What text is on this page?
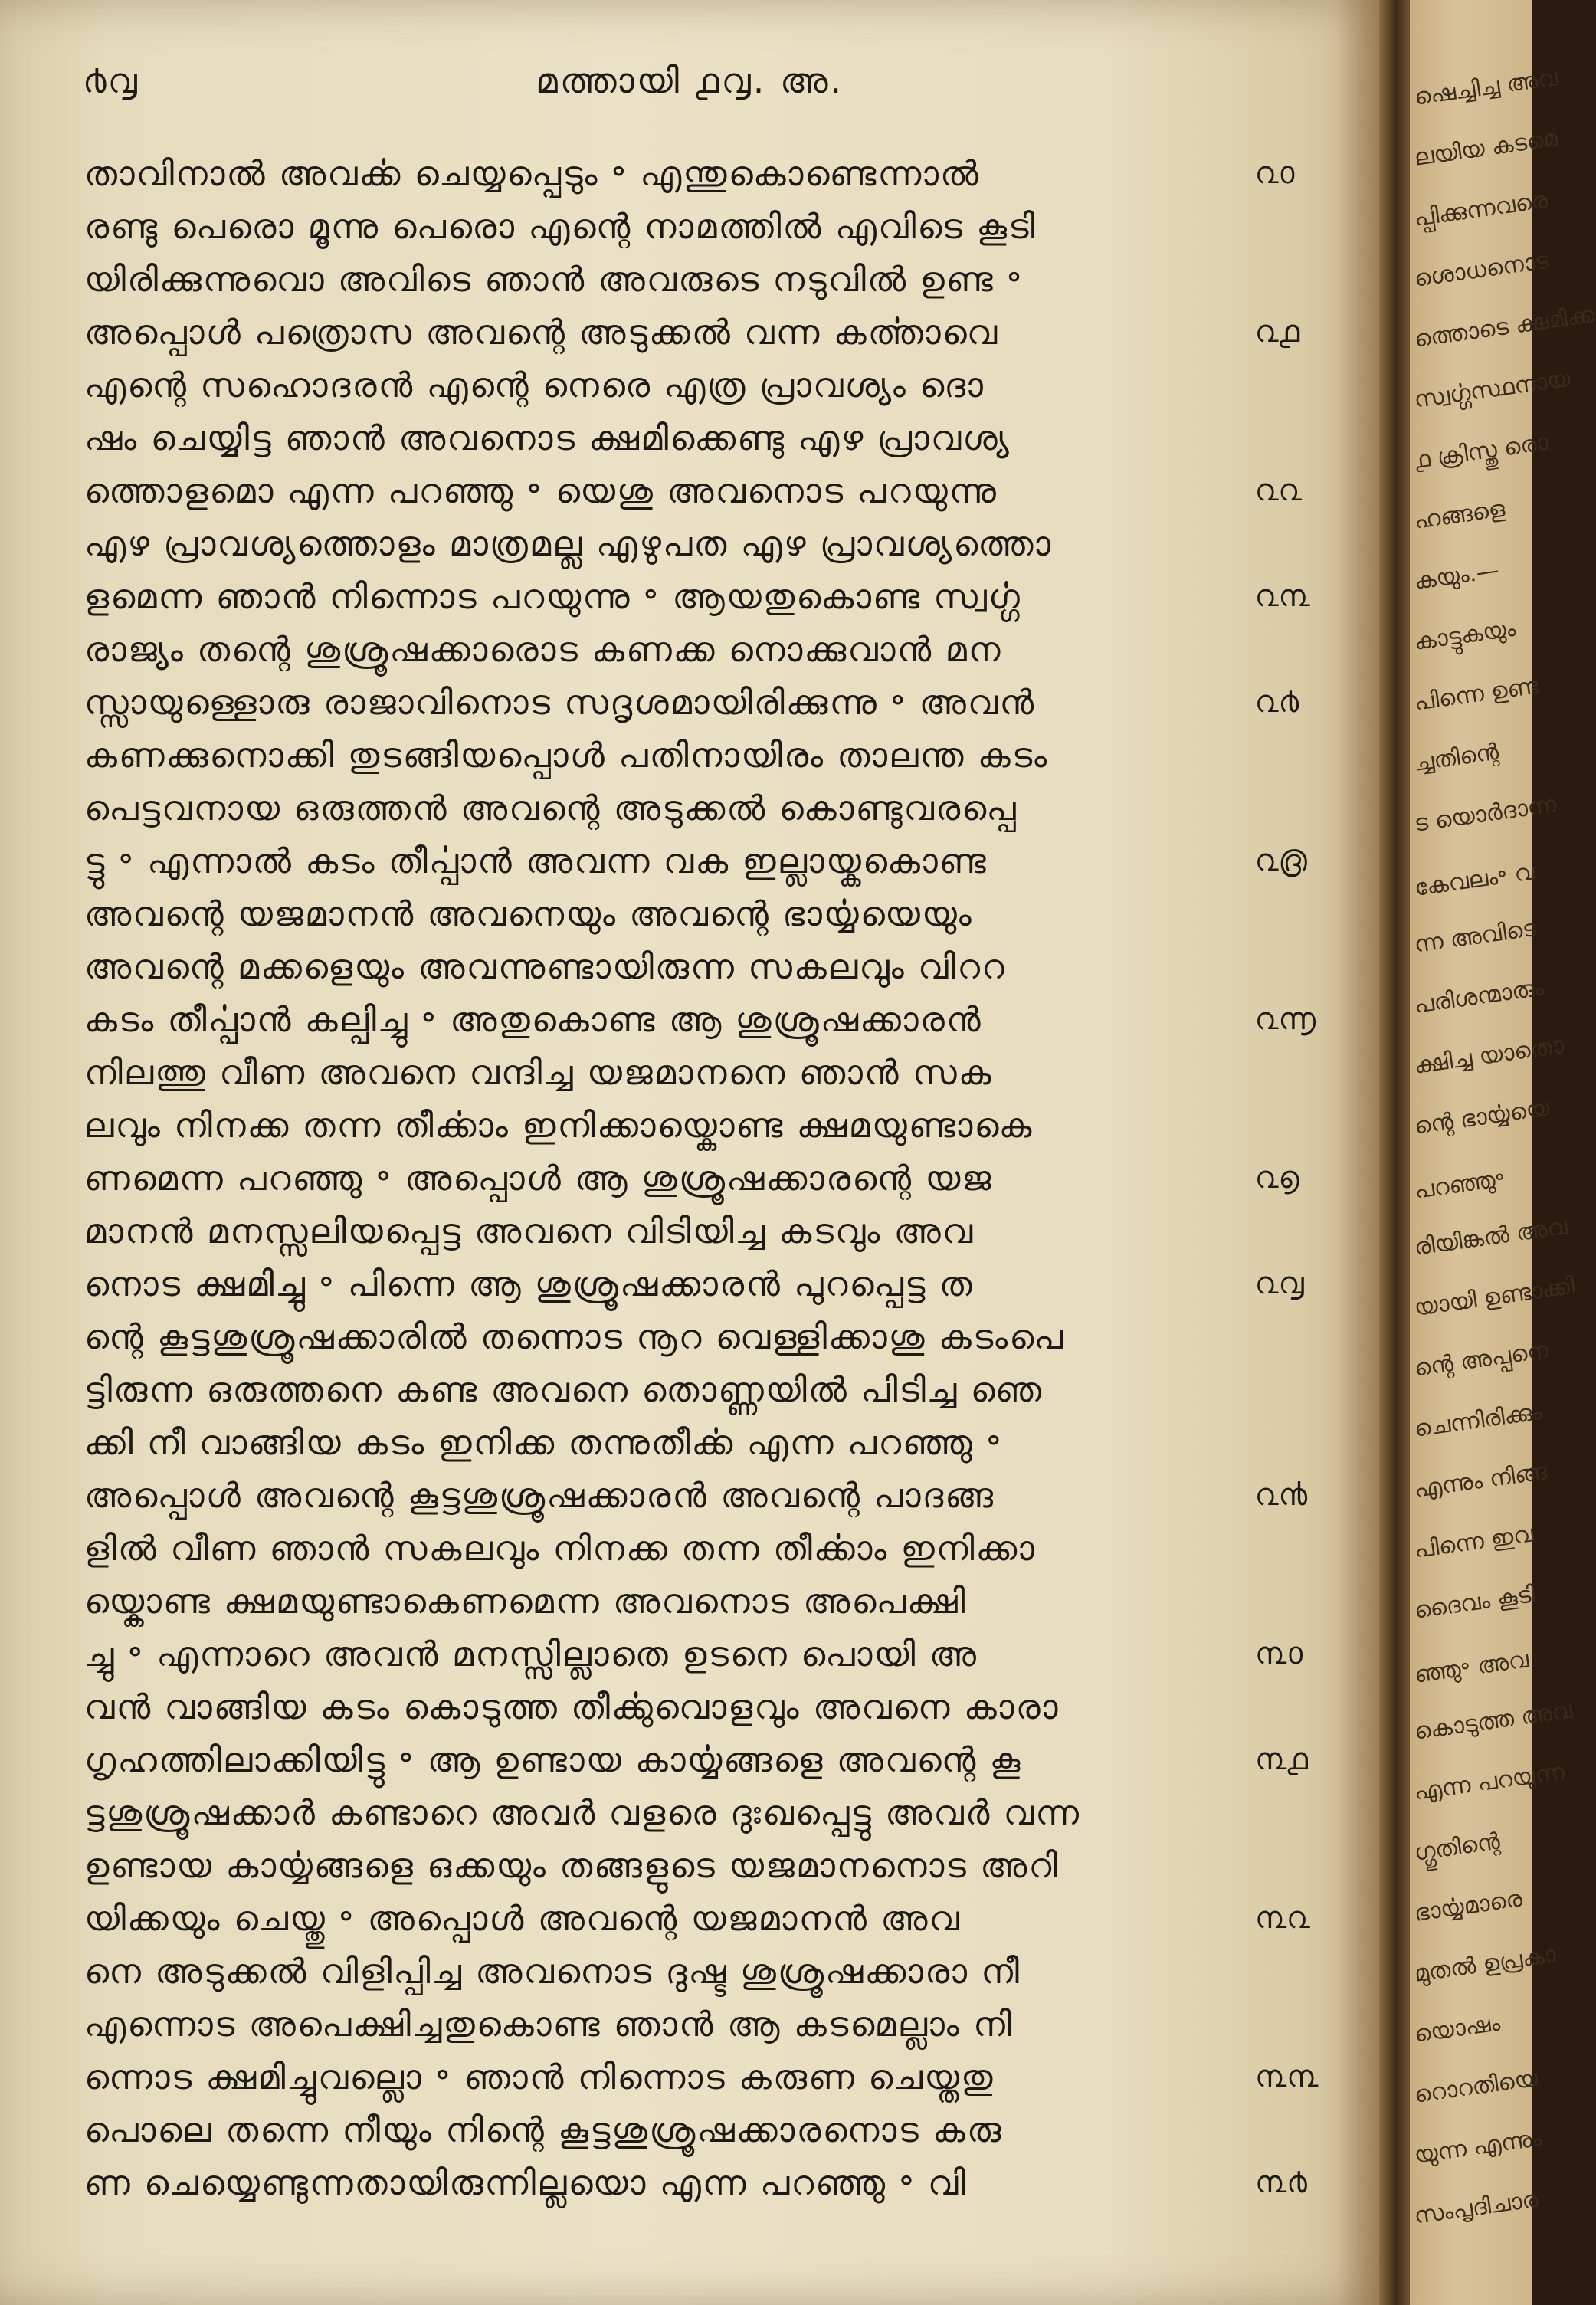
൪൮	മത്തായി ൧൮. അ.
താവിനാൽ അവൎക്ക ചെയ്യപ്പെടും ॰ എന്തുകൊണ്ടെന്നാൽ
രണ്ടു പെരൊ മൂന്നു പെരൊ എന്റെ നാമത്തിൽ എവിടെ കൂടി
യിരിക്കുന്നുവൊ അവിടെ ഞാൻ അവരുടെ നടുവിൽ ഉണ്ട ॰
അപ്പൊൾ പത്രൊസ അവന്റെ അടുക്കൽ വന്ന കൎത്താവെ
എന്റെ സഹൊദരൻ എന്റെ നെരെ എത്ര പ്രാവശ്യം ദൊ
ഷം ചെയ്യിട്ട ഞാൻ അവനൊട ക്ഷമിക്കെണ്ടു എഴ പ്രാവശ്യ
ത്തൊളമൊ എന്ന പറഞ്ഞു ॰ യെശു അവനൊട പറയുന്നു
എഴ പ്രാവശ്യത്തൊളം മാത്രമല്ല എഴുപത എഴ പ്രാവശ്യത്തൊ
ളമെന്ന ഞാൻ നിന്നൊട പറയുന്നു ॰ ആയതുകൊണ്ട സ്വൎഗ്ഗ
രാജ്യം തന്റെ ശുശ്രൂഷക്കാരൊട കണക്ക നൊക്കുവാൻ മന
സ്സായുള്ളൊരു രാജാവിനൊട സദൃശമായിരിക്കുന്നു ॰ അവൻ
കണക്കുനൊക്കി തുടങ്ങിയപ്പൊൾ പതിനായിരം താലന്ത കടം
പെട്ടവനായ ഒരുത്തൻ അവന്റെ അടുക്കൽ കൊണ്ടുവരപ്പെ
ട്ടു ॰ എന്നാൽ കടം തീൎപ്പാൻ അവന്ന വക ഇല്ലായ്കകൊണ്ട
അവന്റെ യജമാനൻ അവനെയും അവന്റെ ഭാൎയ്യയെയും
അവന്റെ മക്കളെയും അവന്നുണ്ടായിരുന്ന സകലവും വിററ
കടം തീൎപ്പാൻ കല്പിച്ചു ॰ അതുകൊണ്ട ആ ശുശ്രൂഷക്കാരൻ
നിലത്തു വീണ അവനെ വന്ദിച്ച യജമാനനെ ഞാൻ സക
ലവും നിനക്ക തന്ന തീൎക്കാം ഇനിക്കായ്കൊണ്ട ക്ഷമയുണ്ടാകെ
ണമെന്ന പറഞ്ഞു ॰ അപ്പൊൾ ആ ശുശ്രൂഷക്കാരന്റെ യജ
മാനൻ മനസ്സലിയപ്പെട്ട അവനെ വിടിയിച്ച കടവും അവ
നൊട ക്ഷമിച്ചു ॰ പിന്നെ ആ ശുശ്രൂഷക്കാരൻ പുറപ്പെട്ട ത
ന്റെ കൂട്ടശുശ്രൂഷക്കാരിൽ തന്നൊട നൂറ വെള്ളിക്കാശു കടംപെ
ട്ടിരുന്ന ഒരുത്തനെ കണ്ട അവനെ തൊണ്ണയിൽ പിടിച്ച ഞെ
ക്കി നീ വാങ്ങിയ കടം ഇനിക്ക തന്നുതീൎക്ക എന്ന പറഞ്ഞു ॰
അപ്പൊൾ അവന്റെ കൂട്ടശുശ്രൂഷക്കാരൻ അവന്റെ പാദങ്ങ
ളിൽ വീണ ഞാൻ സകലവും നിനക്ക തന്ന തീൎക്കാം ഇനിക്കാ
യ്കൊണ്ട ക്ഷമയുണ്ടാകെണമെന്ന അവനൊട അപെക്ഷി
ച്ചു ॰ എന്നാറെ അവൻ മനസ്സില്ലാതെ ഉടനെ പൊയി അ
വൻ വാങ്ങിയ കടം കൊടുത്ത തീൎക്കുവൊളവും അവനെ കാരാ
ഗൃഹത്തിലാക്കിയിട്ടു ॰ ആ ഉണ്ടായ കാൎയ്യങ്ങളെ അവന്റെ കൂ
ട്ടശുശ്രൂഷക്കാർ കണ്ടാറെ അവർ വളരെ ദുഃഖപ്പെട്ടു അവർ വന്ന
ഉണ്ടായ കാൎയ്യങ്ങളെ ഒക്കയും തങ്ങളുടെ യജമാനനൊട അറി
യിക്കയും ചെയ്തു ॰ അപ്പൊൾ അവന്റെ യജമാനൻ അവ
നെ അടുക്കൽ വിളിപ്പിച്ച അവനൊട ദുഷ്ട ശുശ്രൂഷക്കാരാ നീ
എന്നൊട അപെക്ഷിച്ചതുകൊണ്ട ഞാൻ ആ കടമെല്ലാം നി
ന്നൊട ക്ഷമിച്ചുവല്ലൊ ॰ ഞാൻ നിന്നൊട കരുണ ചെയ്തതു
പൊലെ തന്നെ നീയും നിന്റെ കൂട്ടശുശ്രൂഷക്കാരനൊട കരു
ണ ചെയ്യെണ്ടുന്നതായിരുന്നില്ലയൊ എന്ന പറഞ്ഞു ॰ വി
൨൦
൨൧
൨൨
൨൩
൨൪
൨൫
൨൬
൨൭
൨൮
൨൯
൩൦
൩൧
൩൨
൩൩
൩൪
ഷെച്ചിച്ച അവ
ലയിയ കടമെ
പ്പിക്കുന്നവരെ
ശൊധനൊട
ത്തൊടെ ക്ഷമിക്ക
സ്വൎഗ്ഗസ്ഥനായ
൧ ക്രിസ്തു രൊ
ഹങ്ങളെ
കയും.—
കാട്ടുകയും
പിന്നെ ഉണ്ട
ച്ചതിന്റെ
ട യൊർദാന്ന
കേവലം॰ വ
ന്ന അവിടെ
പരിശന്മാരും
ക്ഷിച്ച യാതൊ
ന്റെ ഭാൎയ്യയെ
പറഞ്ഞു॰
രിയിങ്കൽ അവ
യായി ഉണ്ടാക്കി
ന്റെ അപ്പനെ
ചെന്നിരിക്കും
എന്നും നിങ്ങ
പിന്നെ ഇവ
ദൈവം കൂടി
ഞ്ഞു॰ അവ
കൊടുത്ത അവ
എന്ന പറയുന്ന
ഗ്ഗുതിന്റെ
ഭാൎയ്യമാരെ
മുതൽ ഉപ്രകാ
യൊഷം
റൊറതിയെ
യുന്ന എന്നും
സംപൃദിചാര
